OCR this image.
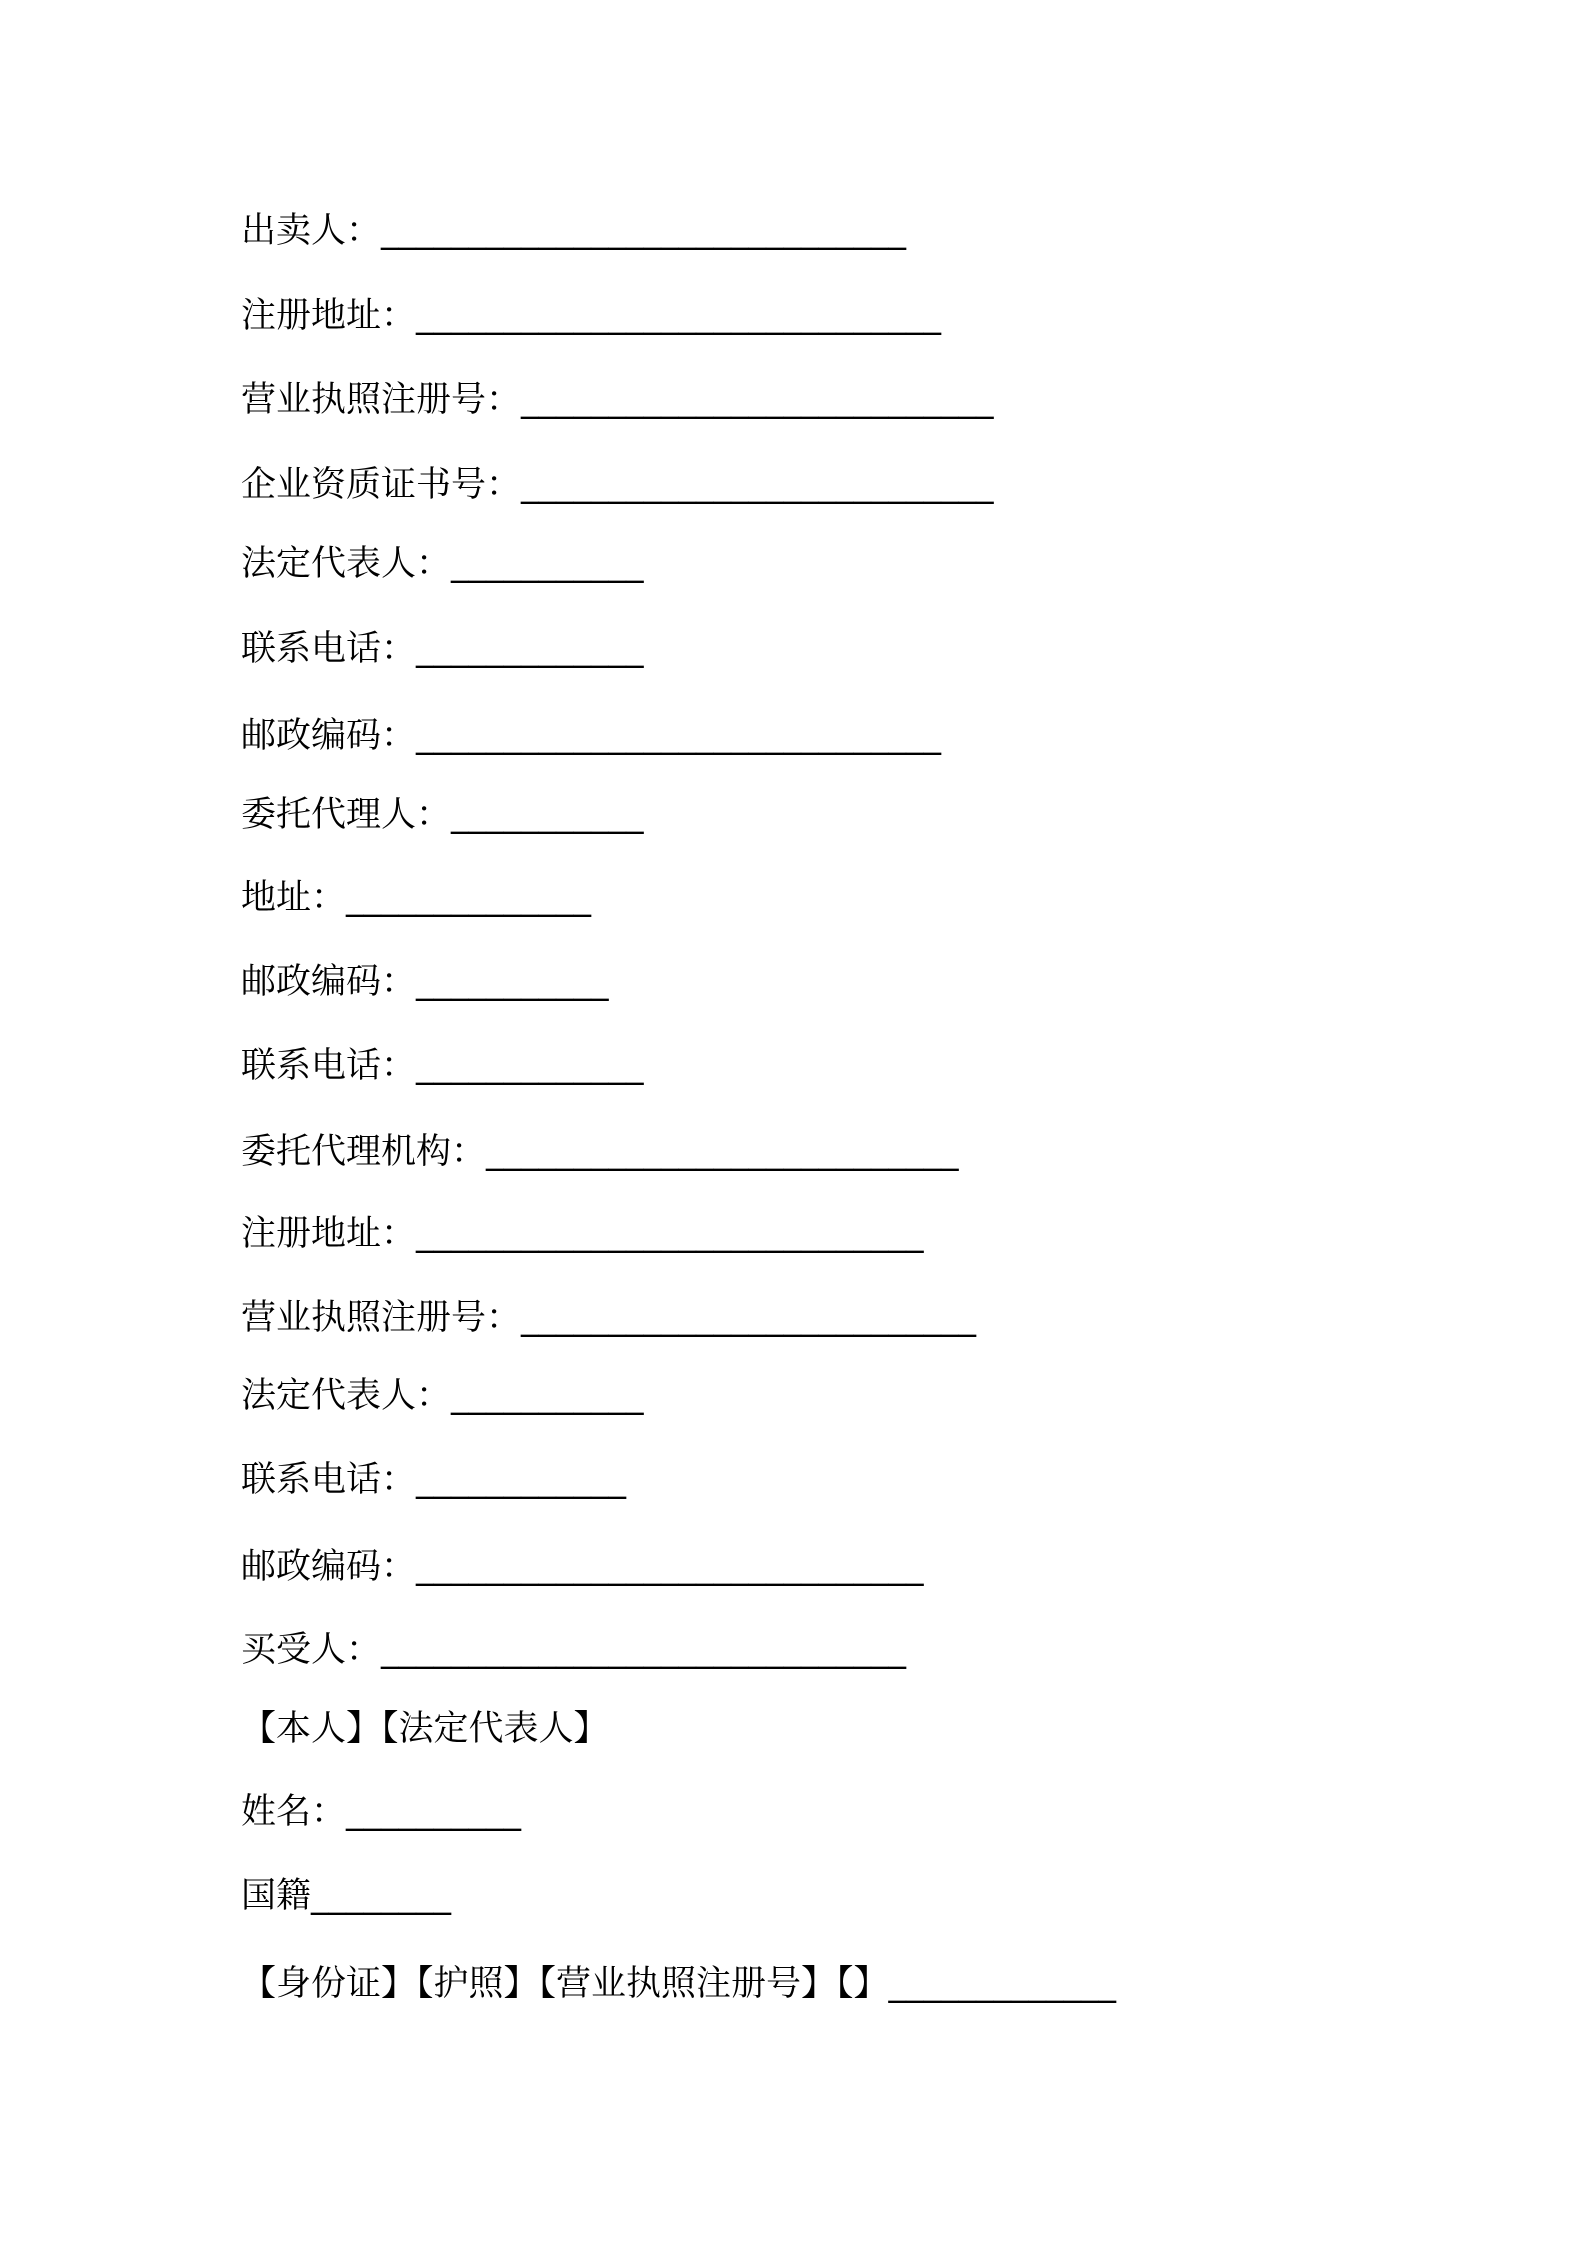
出卖人：______________________________
注册地址：______________________________
营业执照注册号：___________________________
企业资质证书号：___________________________
法定代表人：___________
联系电话：_____________
邮政编码：______________________________
委托代理人：___________
地址：______________
邮政编码：___________
联系电话：_____________
委托代理机构：___________________________
注册地址：_____________________________
营业执照注册号：__________________________
法定代表人：___________
联系电话：____________
邮政编码：_____________________________
买受人：______________________________
【本人】【法定代表人】
姓名：__________
国籍________
【身份证】【护照】【营业执照注册号】【】_____________
